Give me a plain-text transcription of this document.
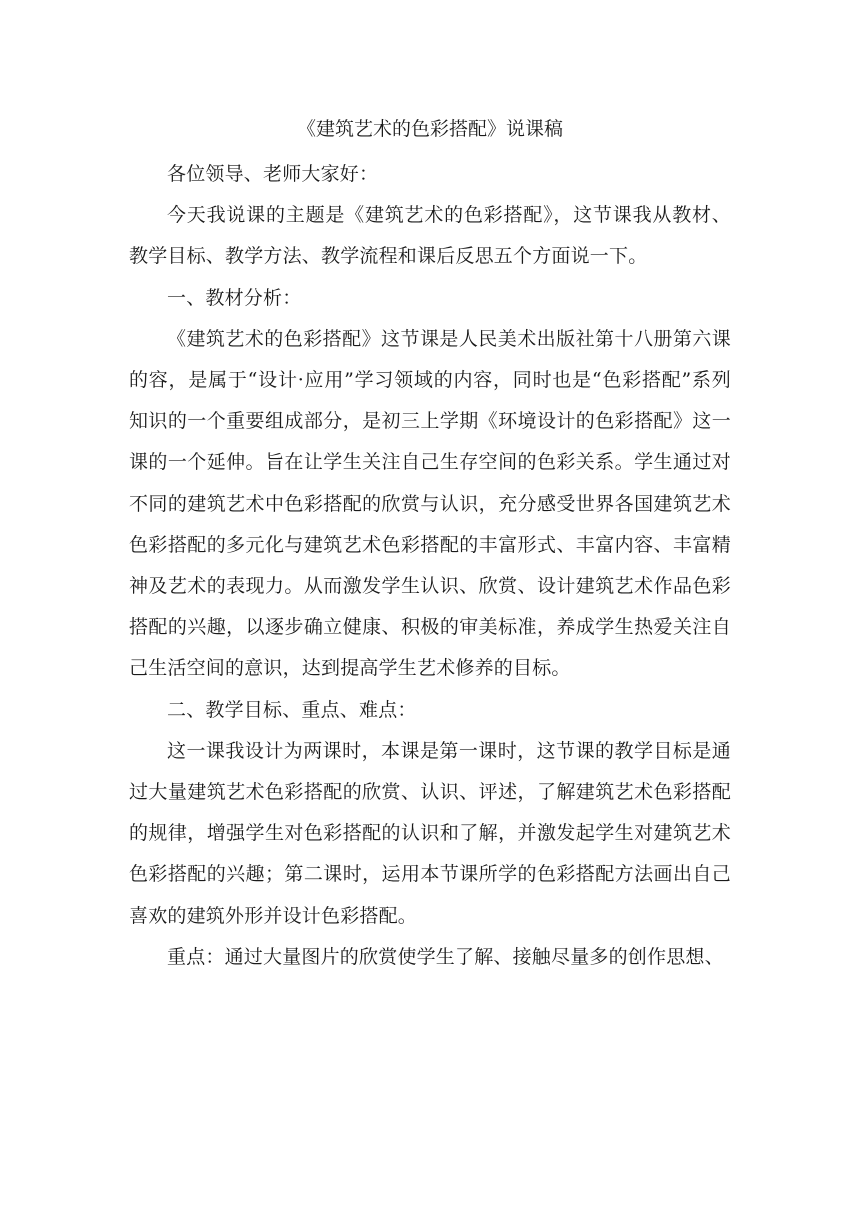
《建筑艺术的色彩搭配》说课稿

各位领导、老师大家好：

今天我说课的主题是《建筑艺术的色彩搭配》，这节课我从教材、教学目标、教学方法、教学流程和课后反思五个方面说一下。

一、教材分析：

《建筑艺术的色彩搭配》这节课是人民美术出版社第十八册第六课的容，是属于“设计·应用”学习领域的内容，同时也是“色彩搭配”系列知识的一个重要组成部分，是初三上学期《环境设计的色彩搭配》这一课的一个延伸。旨在让学生关注自己生存空间的色彩关系。学生通过对不同的建筑艺术中色彩搭配的欣赏与认识，充分感受世界各国建筑艺术色彩搭配的多元化与建筑艺术色彩搭配的丰富形式、丰富内容、丰富精神及艺术的表现力。从而激发学生认识、欣赏、设计建筑艺术作品色彩搭配的兴趣，以逐步确立健康、积极的审美标准，养成学生热爱关注自己生活空间的意识，达到提高学生艺术修养的目标。

二、教学目标、重点、难点：

这一课我设计为两课时，本课是第一课时，这节课的教学目标是通过大量建筑艺术色彩搭配的欣赏、认识、评述，了解建筑艺术色彩搭配的规律，增强学生对色彩搭配的认识和了解，并激发起学生对建筑艺术色彩搭配的兴趣；第二课时，运用本节课所学的色彩搭配方法画出自己喜欢的建筑外形并设计色彩搭配。

重点：通过大量图片的欣赏使学生了解、接触尽量多的创作思想、
